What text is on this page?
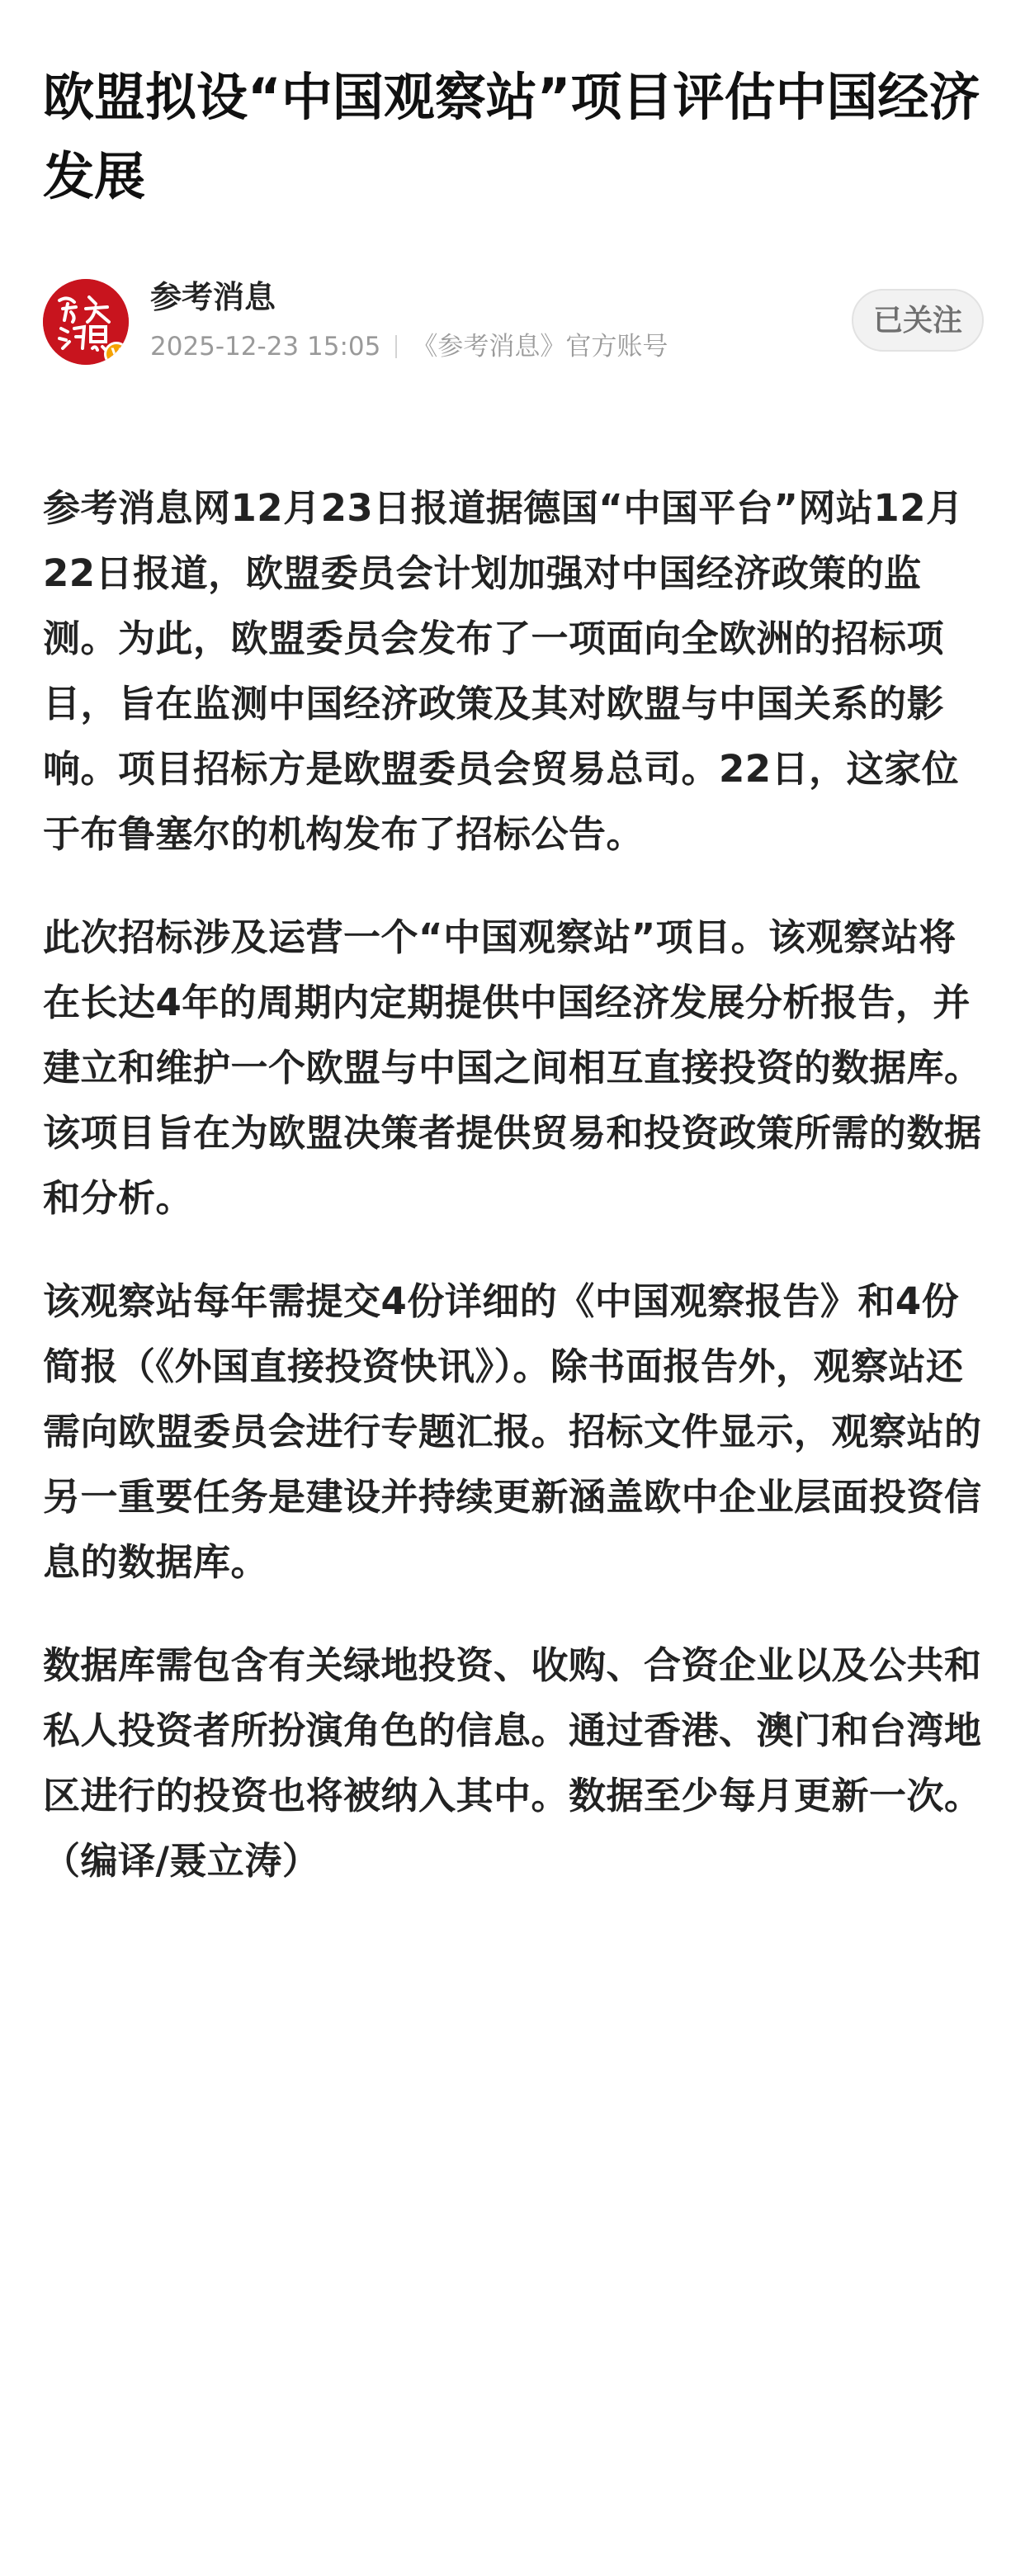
欧盟拟设“中国观察站”项目评估中国经济发展
V
参考消息
2025-12-23 15:05 《参考消息》官方账号
已关注

参考消息网12月23日报道据德国“中国平台”网站12月22日报道，欧盟委员会计划加强对中国经济政策的监测。为此，欧盟委员会发布了一项面向全欧洲的招标项目，旨在监测中国经济政策及其对欧盟与中国关系的影响。项目招标方是欧盟委员会贸易总司。22日，这家位于布鲁塞尔的机构发布了招标公告。

此次招标涉及运营一个“中国观察站”项目。该观察站将在长达4年的周期内定期提供中国经济发展分析报告，并建立和维护一个欧盟与中国之间相互直接投资的数据库。该项目旨在为欧盟决策者提供贸易和投资政策所需的数据和分析。

该观察站每年需提交4份详细的《中国观察报告》和4份简报（《外国直接投资快讯》）。除书面报告外，观察站还需向欧盟委员会进行专题汇报。招标文件显示，观察站的另一重要任务是建设并持续更新涵盖欧中企业层面投资信息的数据库。

数据库需包含有关绿地投资、收购、合资企业以及公共和私人投资者所扮演角色的信息。通过香港、澳门和台湾地区进行的投资也将被纳入其中。数据至少每月更新一次。（编译/聂立涛）
